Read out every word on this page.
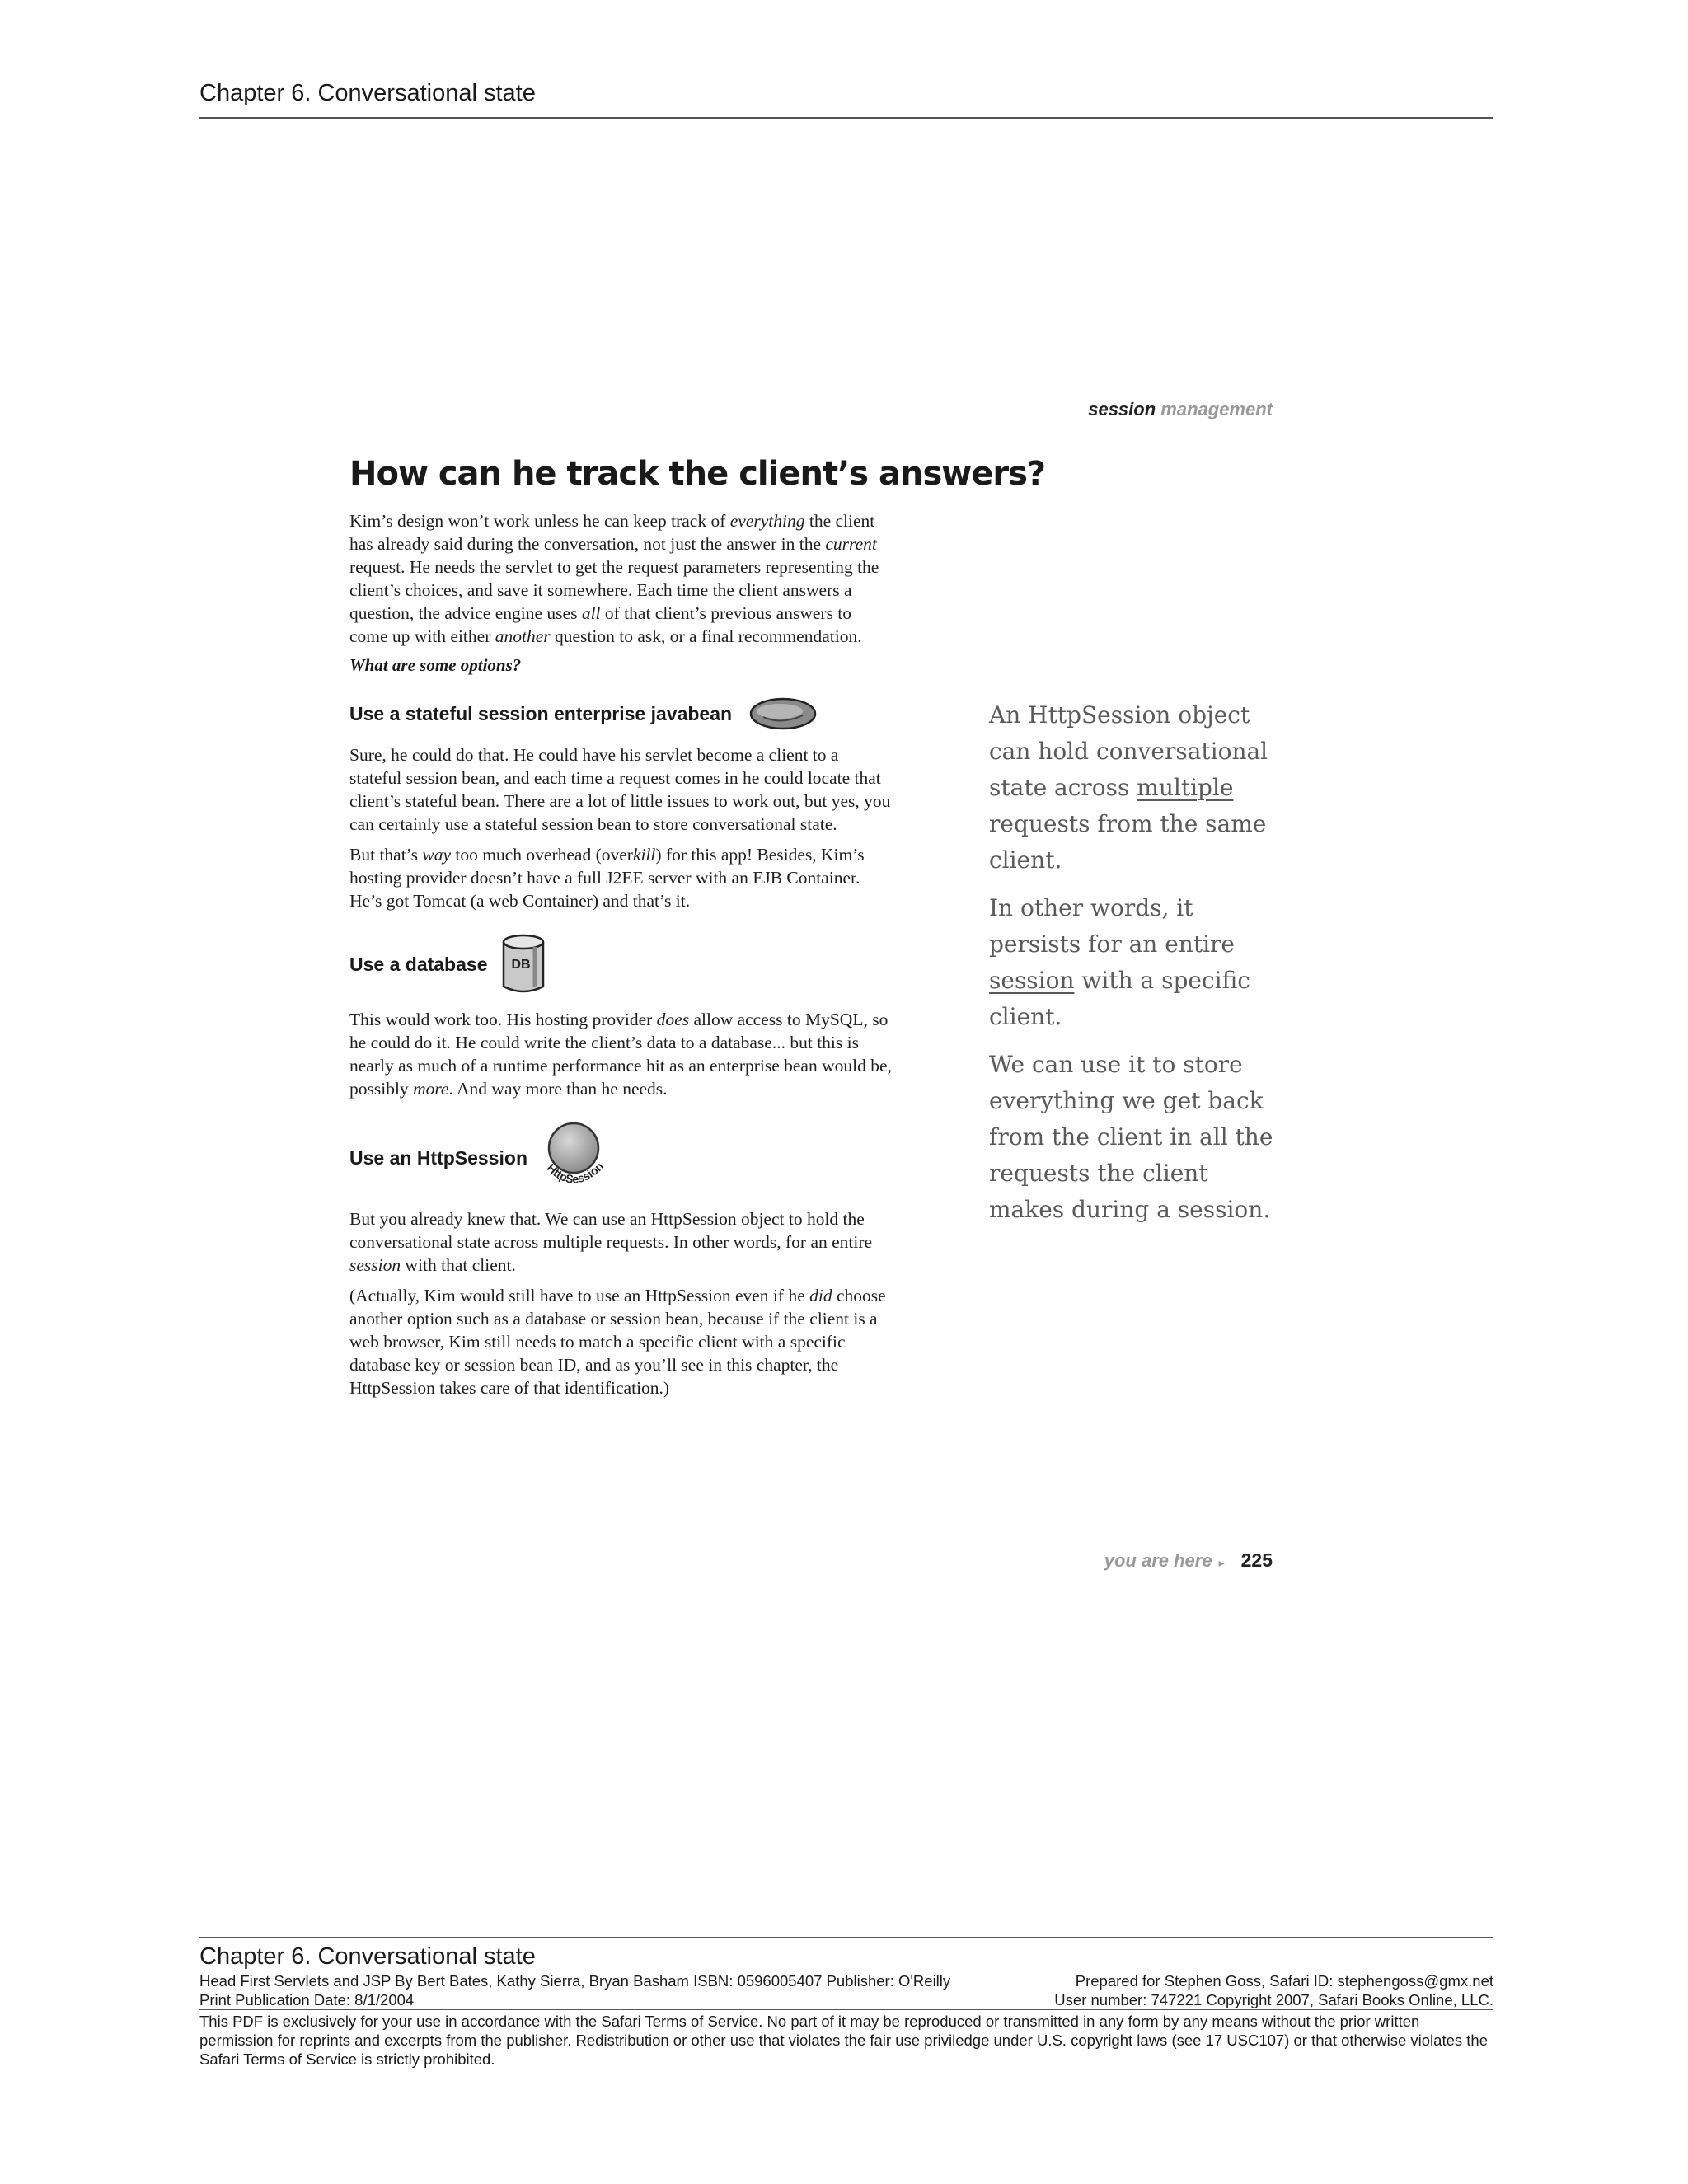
Chapter 6. Conversational state
session management
How can he track the client’s answers?

Kim’s design won’t work unless he can keep track of everything the client has already said during the conversation, not just the answer in the current request. He needs the servlet to get the request parameters representing the client’s choices, and save it somewhere. Each time the client answers a question, the advice engine uses all of that client’s previous answers to come up with either another question to ask, or a final recommendation.

What are some options?
Use a stateful session enterprise javabean

Sure, he could do that. He could have his servlet become a client to a stateful session bean, and each time a request comes in he could locate that client’s stateful bean. There are a lot of little issues to work out, but yes, you can certainly use a stateful session bean to store conversational state.

But that’s way too much overhead (overkill) for this app! Besides, Kim’s hosting provider doesn’t have a full J2EE server with an EJB Container. He’s got Tomcat (a web Container) and that’s it.

Use a database DB

This would work too. His hosting provider does allow access to MySQL, so he could do it. He could write the client’s data to a database... but this is nearly as much of a runtime performance hit as an enterprise bean would be, possibly more. And way more than he needs.

Use an HttpSession
HttpSession

But you already knew that. We can use an HttpSession object to hold the conversational state across multiple requests. In other words, for an entire session with that client.

(Actually, Kim would still have to use an HttpSession even if he did choose another option such as a database or session bean, because if the client is a web browser, Kim still needs to match a specific client with a specific database key or session bean ID, and as you’ll see in this chapter, the HttpSession takes care of that identification.)

An HttpSession object can hold conversational state across multiple requests from the same client.

In other words, it persists for an entire session with a specific client.

We can use it to store everything we get back from the client in all the requests the client makes during a session.

you are here ▸ 225
Chapter 6. Conversational state
Head First Servlets and JSP By Bert Bates, Kathy Sierra, Bryan Basham ISBN: 0596005407 Publisher: O'Reilly	Prepared for Stephen Goss, Safari ID: stephengoss@gmx.net
Print Publication Date: 8/1/2004	User number: 747221 Copyright 2007, Safari Books Online, LLC.
This PDF is exclusively for your use in accordance with the Safari Terms of Service. No part of it may be reproduced or transmitted in any form by any means without the prior written permission for reprints and excerpts from the publisher. Redistribution or other use that violates the fair use priviledge under U.S. copyright laws (see 17 USC107) or that otherwise violates the Safari Terms of Service is strictly prohibited.
